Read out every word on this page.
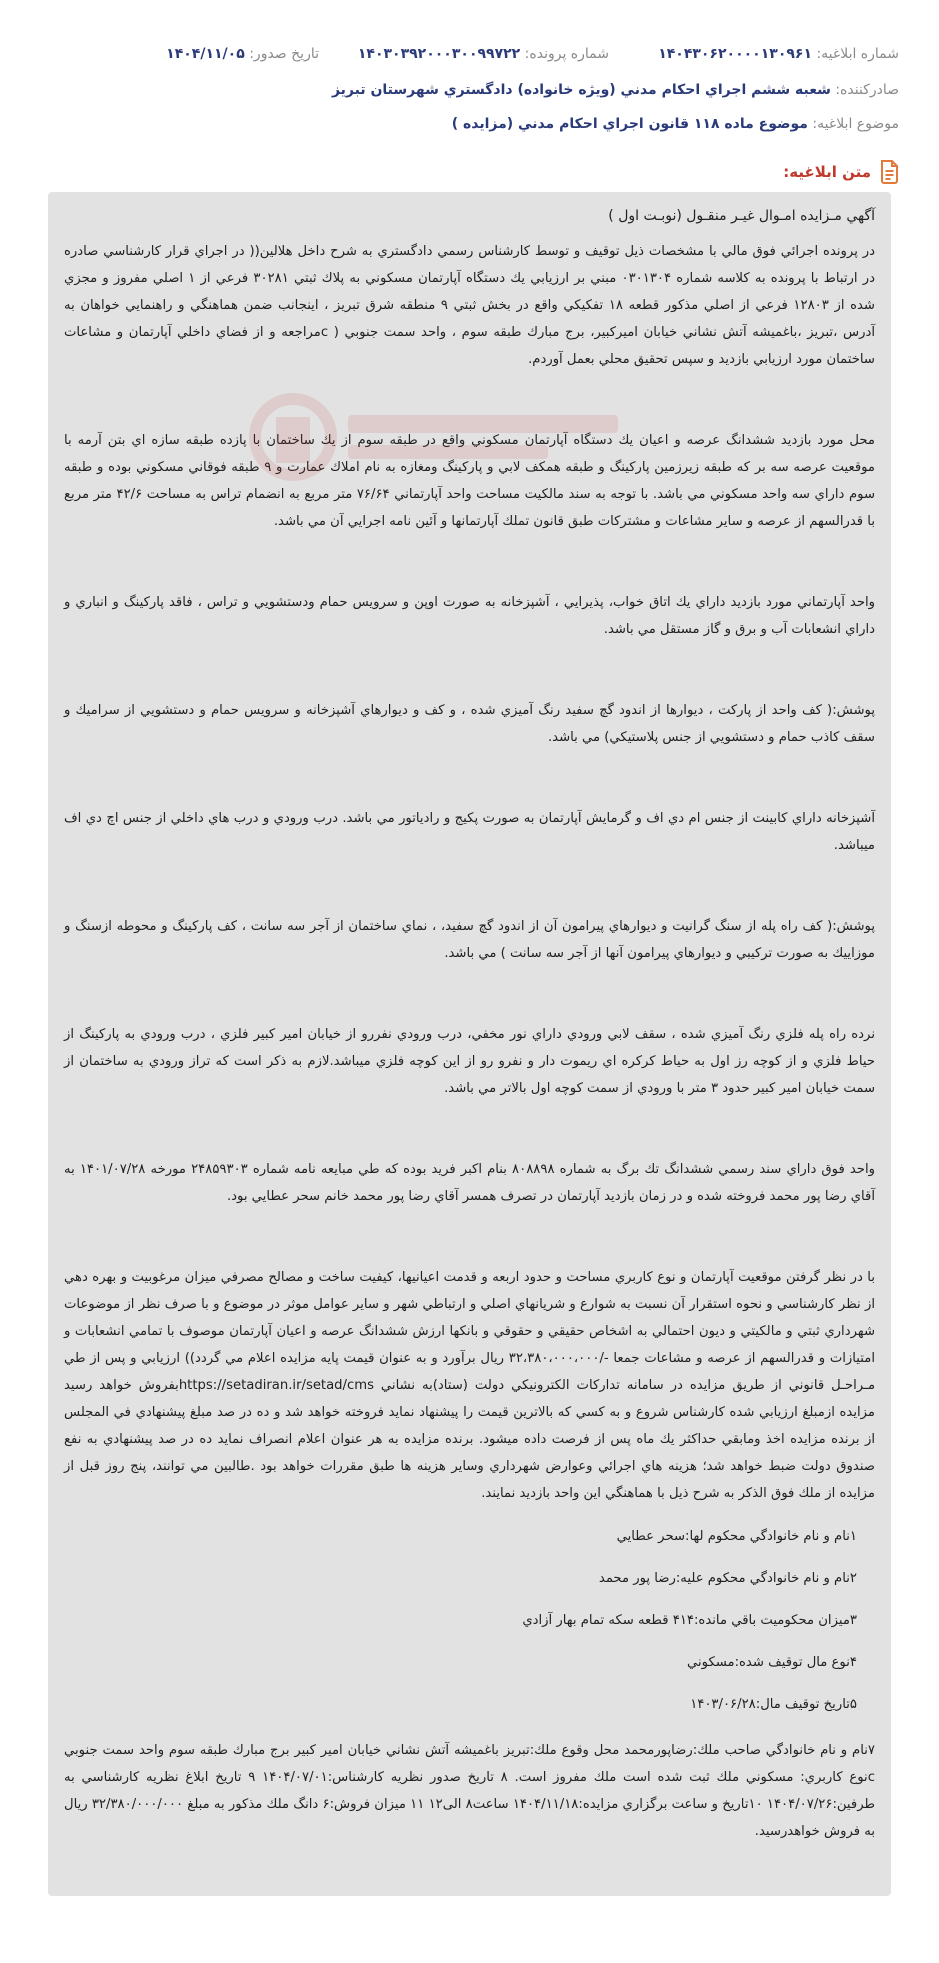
شماره ابلاغیه: ۱۴۰۴۳۰۶۲۰۰۰۰۱۳۰۹۶۱
شماره پرونده: ۱۴۰۳۰۳۹۲۰۰۰۳۰۰۹۹۷۲۲
تاریخ صدور: ۱۴۰۴/۱۱/۰۵
صادرکننده: شعبه ششم اجراي احكام مدني (ويژه خانواده) دادگستري شهرستان تبريز
موضوع ابلاغیه: موضوع ماده ۱۱۸ قانون اجراي احكام مدني (مزايده )
متن ابلاغیه:

آگهي مـزايده امـوال غيـر منقـول (نوبـت اول )

در پرونده اجرائي فوق مالي با مشخصات ذيل توقيف و توسط كارشناس رسمي دادگستري به شرح داخل هلالين(( در اجراي قرار كارشناسي صادره در ارتباط با پرونده به كلاسه شماره ۰۳۰۱۳۰۴ مبني بر ارزيابي يك دستگاه آپارتمان مسكوني به پلاك ثبتي ۳۰۲۸۱ فرعي از ۱ اصلي مفروز و مجزي شده از ۱۲۸۰۳ فرعي از اصلي مذكور قطعه ۱۸ تفكيكي واقع در بخش ثبتي ۹ منطقه شرق تبريز ، اينجانب ضمن هماهنگي و راهنمايي خواهان به آدرس ،تبريز ،باغميشه آتش نشاني خيابان اميركبير، برج مبارك طبقه سوم ، واحد سمت جنوبي ( cمراجعه و از فضاي داخلي آپارتمان و مشاعات ساختمان مورد ارزيابي بازديد و سپس تحقيق محلي بعمل آوردم.

محل مورد بازديد ششدانگ عرصه و اعيان يك دستگاه آپارتمان مسكوني واقع در طبقه سوم از يك ساختمان با پازده طبقه سازه اي بتن آرمه با موقعيت عرصه سه بر كه طبقه زيرزمين پاركينگ و طبقه همكف لابي و پاركينگ ومغازه به نام املاك عمارت و ۹ طبقه فوقاني مسكوني بوده و طبقه سوم داراي سه واحد مسكوني مي باشد. با توجه به سند مالكيت مساحت واحد آپارتماني ۷۶/۶۴ متر مربع به انضمام تراس به مساحت ۴۲/۶ متر مربع با قدرالسهم از عرصه و ساير مشاعات و مشتركات طبق قانون تملك آپارتمانها و آئين نامه اجرايي آن مي باشد.

واحد آپارتماني مورد بازديد داراي يك اتاق خواب، پذيرايي ، آشپزخانه به صورت اوپن و سرويس حمام ودستشويي و تراس ، فاقد پاركينگ و انباري و داراي انشعابات آب و برق و گاز مستقل مي باشد.

پوشش:( كف واحد از پاركت ، ديوارها از اندود گچ سفيد رنگ آميزي شده ، و كف و ديوارهاي آشپزخانه و سرويس حمام و دستشويي از سراميك و سقف كاذب حمام و دستشويي از جنس پلاستيكي) مي باشد.

آشپزخانه داراي كابينت از جنس ام دي اف و گرمايش آپارتمان به صورت پكيج و رادياتور مي باشد. درب ورودي و درب هاي داخلي از جنس اچ دي اف ميباشد.

پوشش:( كف راه پله از سنگ گرانيت و ديوارهاي پيرامون آن از اندود گچ سفيد، ، نماي ساختمان از آجر سه سانت ، كف پاركينگ و محوطه ازسنگ و موزاييك به صورت تركيبي و ديوارهاي پيرامون آنها از آجر سه سانت ) مي باشد.

نرده راه پله فلزي رنگ آميزي شده ، سقف لابي ورودي داراي نور مخفي، درب ورودي نفررو از خيابان امير كبير فلزي ، درب ورودي به پاركينگ از حياط فلزي و از كوچه رز اول به حياط كركره اي ريموت دار و نفرو رو از اين كوچه فلزي ميباشد.لازم به ذكر است كه تراز ورودي به ساختمان از سمت خيابان امير كبير حدود ۳ متر با ورودي از سمت كوچه اول بالاتر مي باشد.

واحد فوق داراي سند رسمي ششدانگ تك برگ به شماره ۸۰۸۸۹۸ بنام اكبر فريد بوده كه طي مبايعه نامه شماره ۲۴۸۵۹۳۰۳ مورخه ۱۴۰۱/۰۷/۲۸ به آقاي رضا پور محمد فروخته شده و در زمان بازديد آپارتمان در تصرف همسر آقاي رضا پور محمد خانم سحر عطايي بود.

با در نظر گرفتن موقعيت آپارتمان و نوع كاربري مساحت و حدود اربعه و قدمت اعيانيها، كيفيت ساخت و مصالح مصرفي ميزان مرغوبيت و بهره دهي از نظر كارشناسي و نحوه استقرار آن نسبت به شوارع و شريانهاي اصلي و ارتباطي شهر و ساير عوامل موثر در موضوع و با صرف نظر از موضوعات شهرداري ثبتي و مالكيتي و ديون احتمالي به اشخاص حقيقي و حقوقي و بانكها ارزش ششدانگ عرصه و اعيان آپارتمان موصوف با تمامي انشعابات و امتيازات و قدرالسهم از عرصه و مشاعات جمعا -/۳۲،۳۸۰،۰۰۰،۰۰۰ ريال برآورد و به عنوان قيمت پايه مزايده اعلام مي گردد)) ارزيابي و پس از طي مـراحـل قانوني از طريق مزايده در سامانه تداركات الكترونيكي دولت (ستاد)به نشاني https://setadiran.ir/setad/cmsبفروش خواهد رسيد مزايده ازمبلغ ارزيابي شده كارشناس شروع و به كسي كه بالاترين قيمت را پيشنهاد نمايد فروخته خواهد شد و ده در صد مبلغ پيشنهادي في المجلس از برنده مزايده اخذ ومابقي حداكثر يك ماه پس از فرصت داده ميشود. برنده مزايده به هر عنوان اعلام انصراف نمايد ده در صد پيشنهادي به نفع صندوق دولت ضبط خواهد شد؛ هزينه هاي اجرائي وعوارض شهرداري وساير هزينه ها طبق مقررات خواهد بود .طالبين مي توانند، پنج روز قبل از مزايده از ملك فوق الذكر به شرح ذيل با هماهنگي اين واحد بازديد نمايند.

۱نام و نام خانوادگي محكوم لها:سحر عطايي
۲نام و نام خانوادگي محكوم عليه:رضا پور محمد
۳ميزان محكوميت باقي مانده:۴۱۴ قطعه سكه تمام بهار آزادي
۴نوع مال توقيف شده:مسكوني
۵تاريخ توقيف مال:۱۴۰۳/۰۶/۲۸

۷نام و نام خانوادگي صاحب ملك:رضاپورمحمد محل وقوع ملك:تبريز باغميشه آتش نشاني خيابان امير كبير برج مبارك طبقه سوم واحد سمت جنوبي cنوع كاربري: مسكوني ملك ثبت شده است ملك مفروز است. ۸ تاريخ صدور نظريه كارشناس:۱۴۰۴/۰۷/۰۱ ۹ تاريخ ابلاغ نظريه كارشناسي به طرفين:۱۴۰۴/۰۷/۲۶ ۱۰تاريخ و ساعت برگزاري مزايده:۱۴۰۴/۱۱/۱۸ ساعت۸ الی۱۲ ۱۱ ميزان فروش:۶ دانگ ملك مذكور به مبلغ ۳۲/۳۸۰/۰۰۰/۰۰۰ ريال به فروش خواهدرسيد.
